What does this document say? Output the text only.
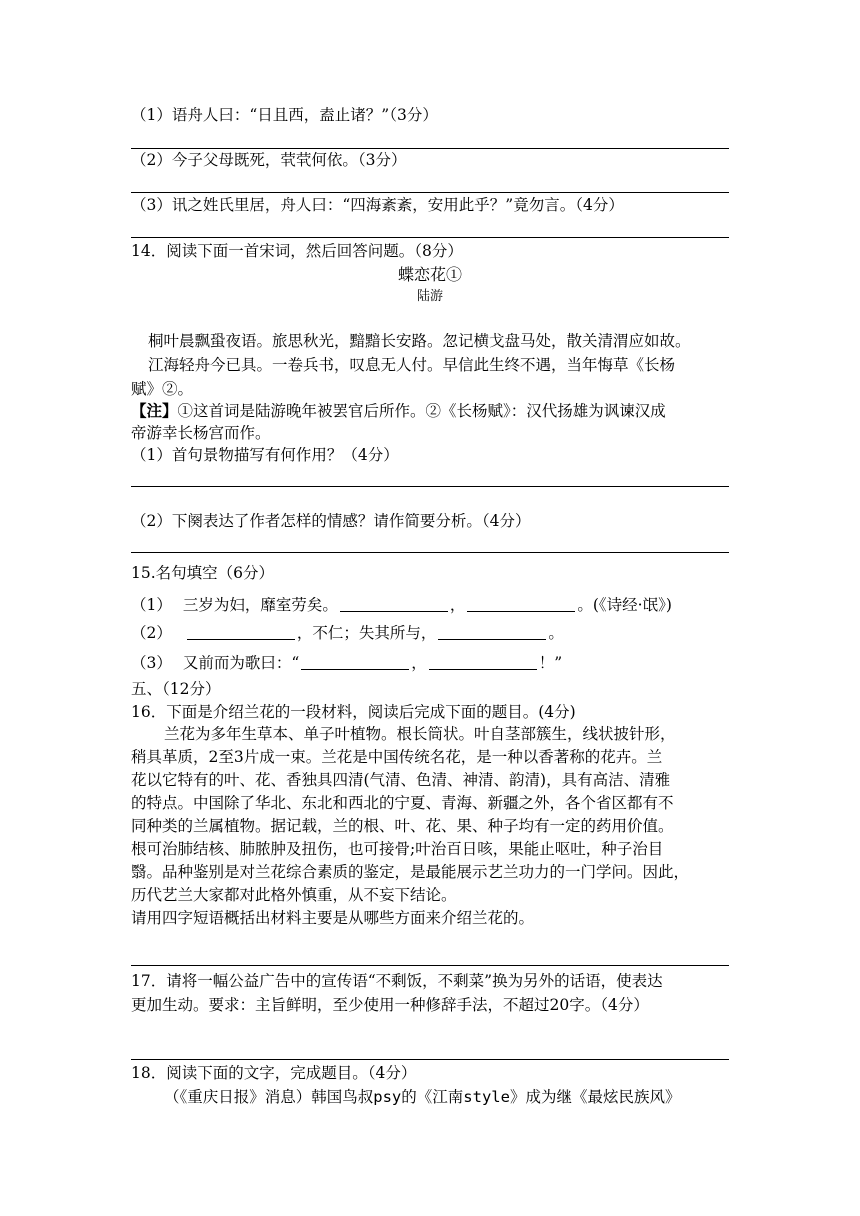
（1）语舟人曰：“日且西，盍止诸？”（3分）
（2）今子父母既死，茕茕何依。（3分）
（3）讯之姓氏里居，舟人曰：“四海紊紊，安用此乎？”竟勿言。（4分）
14．阅读下面一首宋词，然后回答问题。（8分）
蝶恋花①
陆游
桐叶晨飘蛩夜语。旅思秋光，黯黯长安路。忽记横戈盘马处，散关清渭应如故。
江海轻舟今已具。一卷兵书，叹息无人付。早信此生终不遇，当年悔草《长杨
赋》②。
【注】①这首词是陆游晚年被罢官后所作。②《长杨赋》：汉代扬雄为讽谏汉成
帝游幸长杨宫而作。
（1）首句景物描写有何作用？（4分）
（2）下阕表达了作者怎样的情感？请作简要分析。（4分）
15.名句填空（6分）
（1） 三岁为妇，靡室劳矣。	，	。(《诗经·氓》)
（2）	，不仁；失其所与，	。
（3） 又前而为歌曰：“	，	！”
五、（12分）
16．下面是介绍兰花的一段材料，阅读后完成下面的题目。(4分)
兰花为多年生草本、单子叶植物。根长筒状。叶自茎部簇生，线状披针形，
稍具革质，2至3片成一束。兰花是中国传统名花，是一种以香著称的花卉。兰
花以它特有的叶、花、香独具四清(气清、色清、神清、韵清)，具有高洁、清雅
的特点。中国除了华北、东北和西北的宁夏、青海、新疆之外，各个省区都有不
同种类的兰属植物。据记载，兰的根、叶、花、果、种子均有一定的药用价值。
根可治肺结核、肺脓肿及扭伤，也可接骨;叶治百日咳，果能止呕吐，种子治目
翳。品种鉴别是对兰花综合素质的鉴定，是最能展示艺兰功力的一门学问。因此，
历代艺兰大家都对此格外慎重，从不妄下结论。
请用四字短语概括出材料主要是从哪些方面来介绍兰花的。
17．请将一幅公益广告中的宣传语“不剩饭，不剩菜”换为另外的话语，使表达
更加生动。要求：主旨鲜明，至少使用一种修辞手法，不超过20字。（4分）
18．阅读下面的文字，完成题目。（4分）
（《重庆日报》消息）韩国鸟叔psy的《江南style》成为继《最炫民族风》
